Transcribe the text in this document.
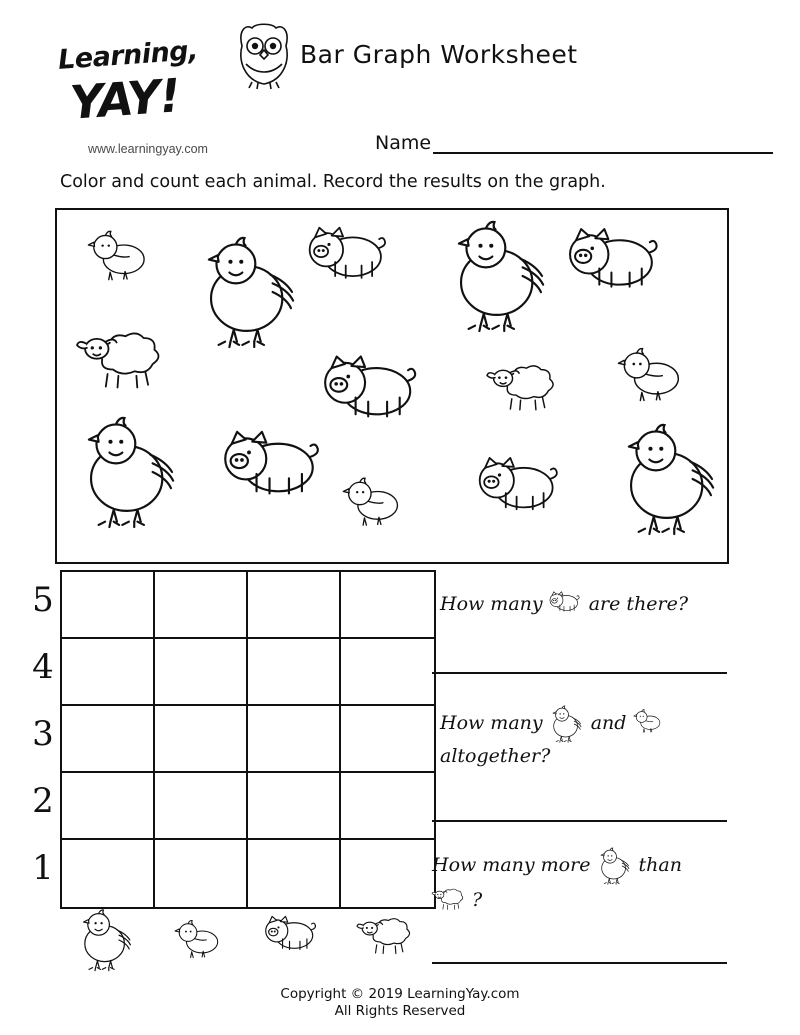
Learning,
YAY!
www.learningyay.com
Bar Graph Worksheet
Name
Color and count each animal. Record the results on the graph.
5
4
3
2
1
How many are there?
How many	and

altogether?
How many more	than

?
Copyright © 2019 LearningYay.com
All Rights Reserved
